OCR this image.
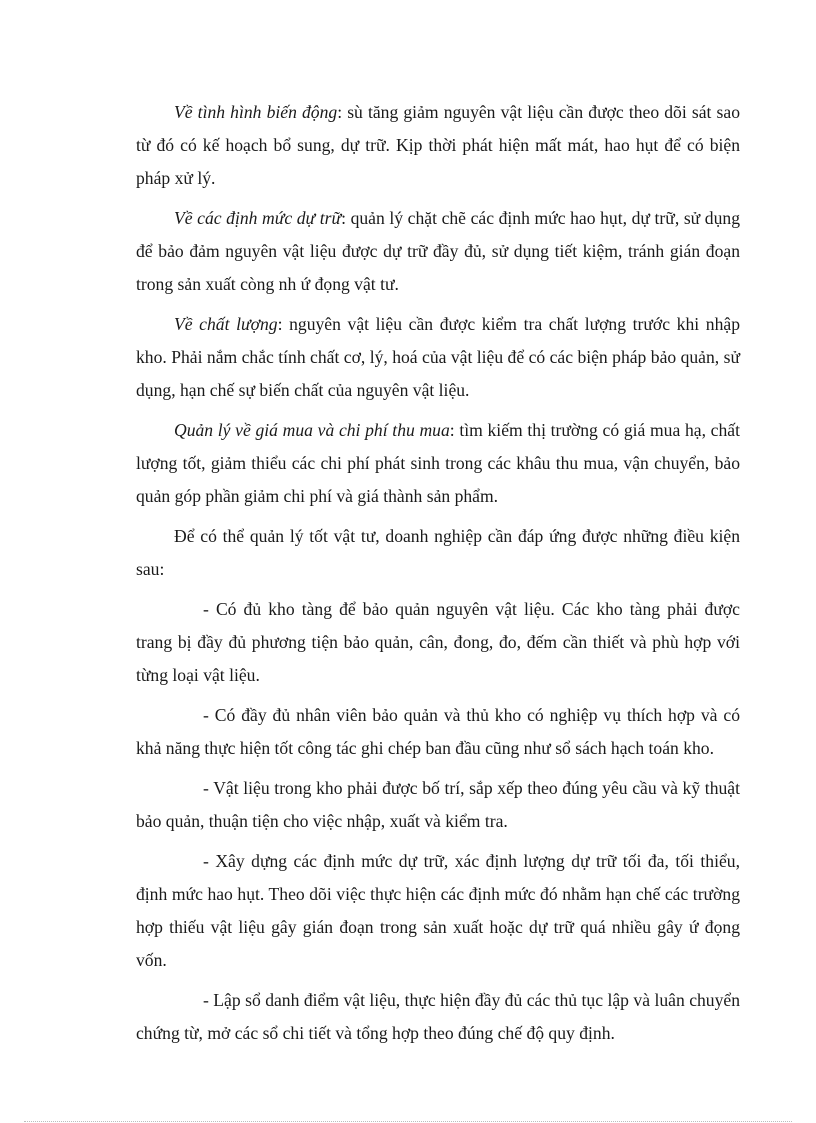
Về tình hình biến động: sù tăng giảm nguyên vật liệu cần được theo dõi sát sao từ đó có kế hoạch bổ sung, dự trữ. Kịp thời phát hiện mất mát, hao hụt để có biện pháp xử lý.

Về các định mức dự trữ: quản lý chặt chẽ các định mức hao hụt, dự trữ, sử dụng để bảo đảm nguyên vật liệu được dự trữ đầy đủ, sử dụng tiết kiệm, tránh gián đoạn trong sản xuất còng nh ứ đọng vật tư.

Về chất lượng: nguyên vật liệu cần được kiểm tra chất lượng trước khi nhập kho. Phải nắm chắc tính chất cơ, lý, hoá của vật liệu để có các biện pháp bảo quản, sử dụng, hạn chế sự biến chất của nguyên vật liệu.

Quản lý về giá mua và chi phí thu mua: tìm kiếm thị trường có giá mua hạ, chất lượng tốt, giảm thiểu các chi phí phát sinh trong các khâu thu mua, vận chuyển, bảo quản góp phần giảm chi phí và giá thành sản phẩm.

Để có thể quản lý tốt vật tư, doanh nghiệp cần đáp ứng được những điều kiện sau:

- Có đủ kho tàng để bảo quản nguyên vật liệu. Các kho tàng phải được trang bị đầy đủ phương tiện bảo quản, cân, đong, đo, đếm cần thiết và phù hợp với từng loại vật liệu.

- Có đầy đủ nhân viên bảo quản và thủ kho có nghiệp vụ thích hợp và có khả năng thực hiện tốt công tác ghi chép ban đầu cũng như sổ sách hạch toán kho.

- Vật liệu trong kho phải được bố trí, sắp xếp theo đúng yêu cầu và kỹ thuật bảo quản, thuận tiện cho việc nhập, xuất và kiểm tra.

- Xây dựng các định mức dự trữ, xác định lượng dự trữ tối đa, tối thiểu, định mức hao hụt. Theo dõi việc thực hiện các định mức đó nhằm hạn chế các trường hợp thiếu vật liệu gây gián đoạn trong sản xuất hoặc dự trữ quá nhiều gây ứ đọng vốn.

- Lập sổ danh điểm vật liệu, thực hiện đầy đủ các thủ tục lập và luân chuyển chứng từ, mở các sổ chi tiết và tổng hợp theo đúng chế độ quy định.
